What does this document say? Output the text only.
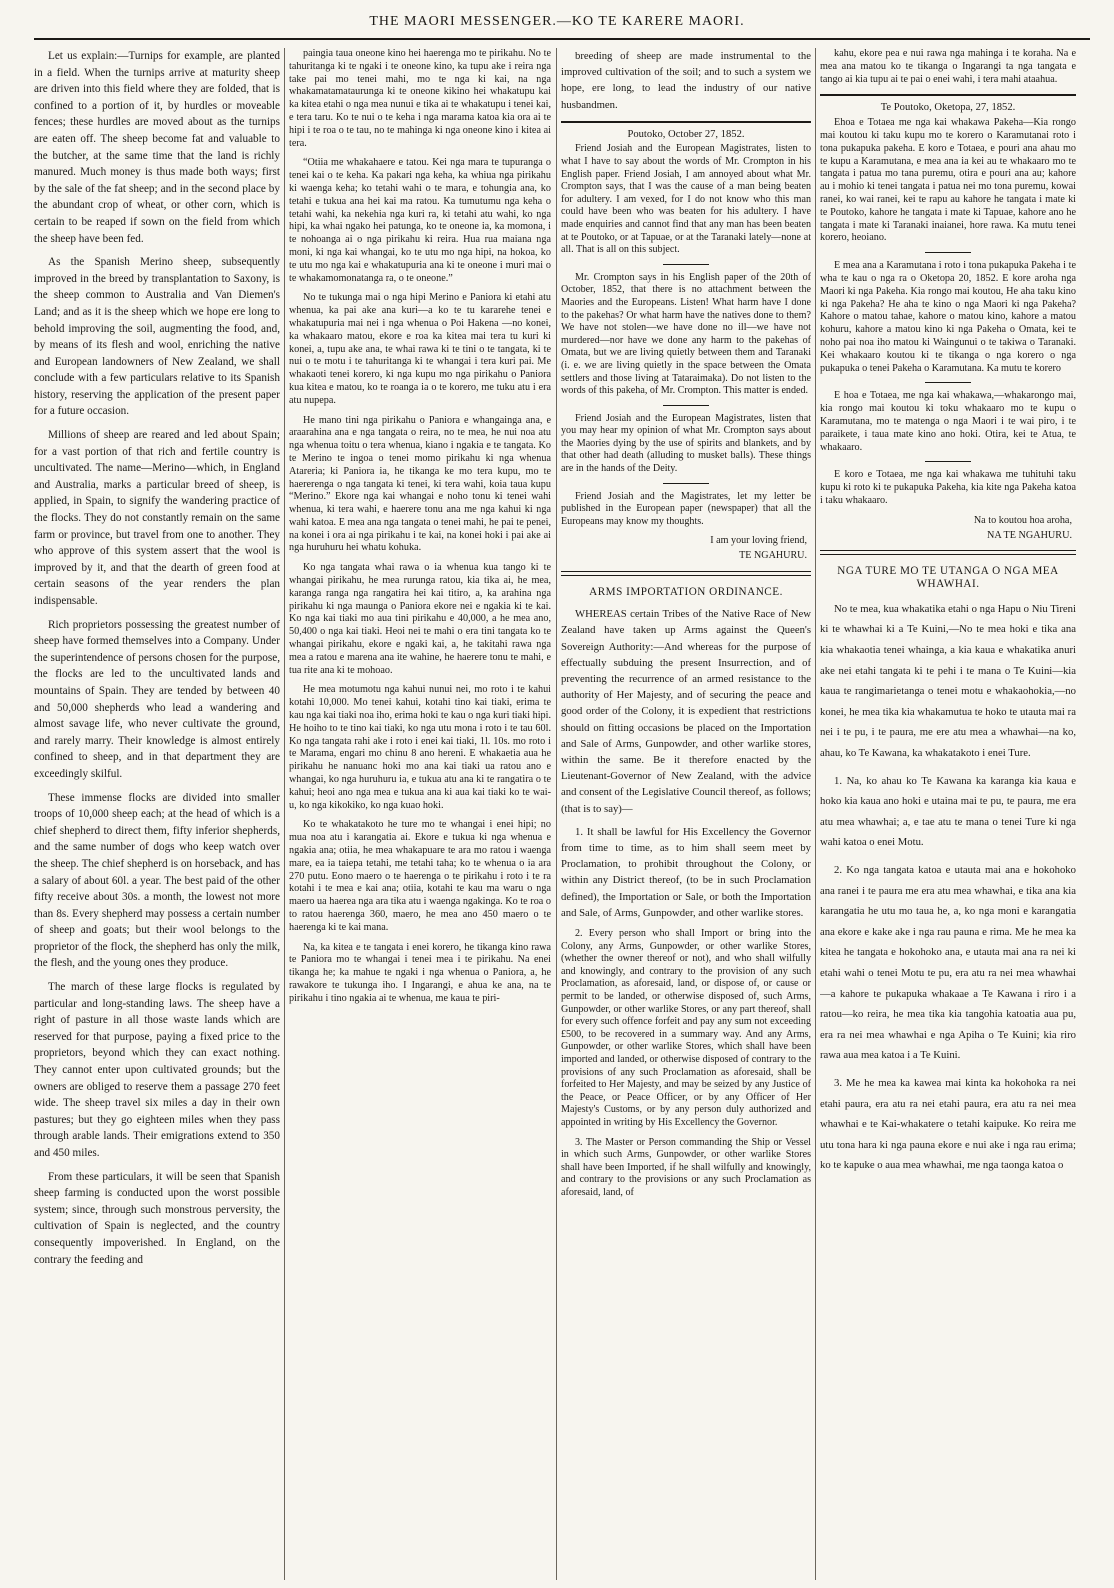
THE MAORI MESSENGER.—KO TE KARERE MAORI.

Let us explain:—Turnips for example, are planted in a field. When the turnips arrive at maturity sheep are driven into this field where they are folded, that is confined to a portion of it, by hurdles or moveable fences; these hurdles are moved about as the turnips are eaten off. The sheep become fat and valuable to the butcher, at the same time that the land is richly manured. Much money is thus made both ways; first by the sale of the fat sheep; and in the second place by the abundant crop of wheat, or other corn, which is certain to be reaped if sown on the field from which the sheep have been fed.

As the Spanish Merino sheep, subsequently improved in the breed by transplantation to Saxony, is the sheep common to Australia and Van Diemen's Land; and as it is the sheep which we hope ere long to behold improving the soil, augmenting the food, and, by means of its flesh and wool, enriching the native and European landowners of New Zealand, we shall conclude with a few particulars relative to its Spanish history, reserving the application of the present paper for a future occasion.

Millions of sheep are reared and led about Spain; for a vast portion of that rich and fertile country is uncultivated. The name—Merino—which, in England and Australia, marks a particular breed of sheep, is applied, in Spain, to signify the wandering practice of the flocks. They do not constantly remain on the same farm or province, but travel from one to another. They who approve of this system assert that the wool is improved by it, and that the dearth of green food at certain seasons of the year renders the plan indispensable.

Rich proprietors possessing the greatest number of sheep have formed themselves into a Company. Under the superintendence of persons chosen for the purpose, the flocks are led to the uncultivated lands and mountains of Spain. They are tended by between 40 and 50,000 shepherds who lead a wandering and almost savage life, who never cultivate the ground, and rarely marry. Their knowledge is almost entirely confined to sheep, and in that department they are exceedingly skilful.

These immense flocks are divided into smaller troops of 10,000 sheep each; at the head of which is a chief shepherd to direct them, fifty inferior shepherds, and the same number of dogs who keep watch over the sheep. The chief shepherd is on horseback, and has a salary of about 60l. a year. The best paid of the other fifty receive about 30s. a month, the lowest not more than 8s. Every shepherd may possess a certain number of sheep and goats; but their wool belongs to the proprietor of the flock, the shepherd has only the milk, the flesh, and the young ones they produce.

The march of these large flocks is regulated by particular and long-standing laws. The sheep have a right of pasture in all those waste lands which are reserved for that purpose, paying a fixed price to the proprietors, beyond which they can exact nothing. They cannot enter upon cultivated grounds; but the owners are obliged to reserve them a passage 270 feet wide. The sheep travel six miles a day in their own pastures; but they go eighteen miles when they pass through arable lands. Their emigrations extend to 350 and 450 miles.

From these particulars, it will be seen that Spanish sheep farming is conducted upon the worst possible system; since, through such monstrous perversity, the cultivation of Spain is neglected, and the country consequently impoverished. In England, on the contrary the feeding and

paingia taua oneone kino hei haerenga mo te pirikahu. No te tahuritanga ki te ngaki i te oneone kino, ka tupu ake i reira nga take pai mo tenei mahi, mo te nga ki kai, na nga whakamatamataurunga ki te oneone kikino hei whakatupu kai ka kitea etahi o nga mea nunui e tika ai te whakatupu i tenei kai, e tera taru. Ko te nui o te keha i nga marama katoa kia ora ai te hipi i te roa o te tau, no te mahinga ki nga oneone kino i kitea ai tera.

“Otiia me whakahaere e tatou. Kei nga mara te tupuranga o tenei kai o te keha. Ka pakari nga keha, ka whiua nga pirikahu ki waenga keha; ko tetahi wahi o te mara, e tohungia ana, ko tetahi e tukua ana hei kai ma ratou. Ka tumutumu nga keha o tetahi wahi, ka nekehia nga kuri ra, ki tetahi atu wahi, ko nga hipi, ka whai ngako hei patunga, ko te oneone ia, ka momona, i te nohoanga ai o nga pirikahu ki reira. Hua rua maiana nga moni, ki nga kai whangai, ko te utu mo nga hipi, na hokoa, ko te utu mo nga kai e whakatupuria ana ki te oneone i muri mai o te whakamomonatanga ra, o te oneone.”

No te tukunga mai o nga hipi Merino e Paniora ki etahi atu whenua, ka pai ake ana kuri—a ko te tu kararehe tenei e whakatupuria mai nei i nga whenua o Poi Hakena —no konei, ka whakaaro matou, ekore e roa ka kitea mai tera tu kuri ki konei, a, tupu ake ana, te whai rawa ki te tini o te tangata, ki te nui o te motu i te tahuritanga ki te whangai i tera kuri pai. Me whakaoti tenei korero, ki nga kupu mo nga pirikahu o Paniora kua kitea e matou, ko te roanga ia o te korero, me tuku atu i era atu nupepa.

He mano tini nga pirikahu o Paniora e whangainga ana, e araarahina ana e nga tangata o reira, no te mea, he nui noa atu nga whenua toitu o tera whenua, kiano i ngakia e te tangata. Ko te Merino te ingoa o tenei momo pirikahu ki nga whenua Atareria; ki Paniora ia, he tikanga ke mo tera kupu, mo te haererenga o nga tangata ki tenei, ki tera wahi, koia taua kupu “Merino.” Ekore nga kai whangai e noho tonu ki tenei wahi whenua, ki tera wahi, e haerere tonu ana me nga kahui ki nga wahi katoa. E mea ana nga tangata o tenei mahi, he pai te penei, na konei i ora ai nga pirikahu i te kai, na konei hoki i pai ake ai nga huruhuru hei whatu kohuka.

Ko nga tangata whai rawa o ia whenua kua tango ki te whangai pirikahu, he mea rurunga ratou, kia tika ai, he mea, karanga ranga nga rangatira hei kai titiro, a, ka arahina nga pirikahu ki nga maunga o Paniora ekore nei e ngakia ki te kai. Ko nga kai tiaki mo aua tini pirikahu e 40,000, a he mea ano, 50,400 o nga kai tiaki. Heoi nei te mahi o era tini tangata ko te whangai pirikahu, ekore e ngaki kai, a, he takitahi rawa nga mea a ratou e marena ana ite wahine, he haerere tonu te mahi, e tua rite ana ki te mohoao.

He mea motumotu nga kahui nunui nei, mo roto i te kahui kotahi 10,000. Mo tenei kahui, kotahi tino kai tiaki, erima te kau nga kai tiaki noa iho, erima hoki te kau o nga kuri tiaki hipi. He hoiho to te tino kai tiaki, ko nga utu mona i roto i te tau 60l. Ko nga tangata rahi ake i roto i enei kai tiaki, 1l. 10s. mo roto i te Marama, engari mo chinu 8 ano hereni. E whakaetia aua he pirikahu he nanuanc hoki mo ana kai tiaki ua ratou ano e whangai, ko nga huruhuru ia, e tukua atu ana ki te rangatira o te kahui; heoi ano nga mea e tukua ana ki aua kai tiaki ko te wai-u, ko nga kikokiko, ko nga kuao hoki.

Ko te whakatakoto he ture mo te whangai i enei hipi; no mua noa atu i karangatia ai. Ekore e tukua ki nga whenua e ngakia ana; otiia, he mea whakapuare te ara mo ratou i waenga mare, ea ia taiepa tetahi, me tetahi taha; ko te whenua o ia ara 270 putu. Eono maero o te haerenga o te pirikahu i roto i te ra kotahi i te mea e kai ana; otiia, kotahi te kau ma waru o nga maero ua haerea nga ara tika atu i waenga ngakinga. Ko te roa o to ratou haerenga 360, maero, he mea ano 450 maero o te haerenga ki te kai mana.

Na, ka kitea e te tangata i enei korero, he tikanga kino rawa te Paniora mo te whangai i tenei mea i te pirikahu. Na enei tikanga he; ka mahue te ngaki i nga whenua o Paniora, a, he rawakore te tukunga iho. I Ingarangi, e ahua ke ana, na te pirikahu i tino ngakia ai te whenua, me kaua te piri-

breeding of sheep are made instrumental to the improved cultivation of the soil; and to such a system we hope, ere long, to lead the industry of our native husbandmen.

Poutoko, October 27, 1852.

Friend Josiah and the European Magistrates, listen to what I have to say about the words of Mr. Crompton in his English paper. Friend Josiah, I am annoyed about what Mr. Crompton says, that I was the cause of a man being beaten for adultery. I am vexed, for I do not know who this man could have been who was beaten for his adultery. I have made enquiries and cannot find that any man has been beaten at te Poutoko, or at Tapuae, or at the Taranaki lately—none at all. That is all on this subject.

Mr. Crompton says in his English paper of the 20th of October, 1852, that there is no attachment between the Maories and the Europeans. Listen! What harm have I done to the pakehas? Or what harm have the natives done to them? We have not stolen—we have done no ill—we have not murdered—nor have we done any harm to the pakehas of Omata, but we are living quietly between them and Taranaki (i. e. we are living quietly in the space between the Omata settlers and those living at Tataraimaka). Do not listen to the words of this pakeha, of Mr. Crompton. This matter is ended.

Friend Josiah and the European Magistrates, listen that you may hear my opinion of what Mr. Crompton says about the Maories dying by the use of spirits and blankets, and by that other had death (alluding to musket balls). These things are in the hands of the Deity.

Friend Josiah and the Magistrates, let my letter be published in the European paper (newspaper) that all the Europeans may know my thoughts.

I am your loving friend,

TE NGAHURU.

ARMS IMPORTATION ORDINANCE.

WHEREAS certain Tribes of the Native Race of New Zealand have taken up Arms against the Queen's Sovereign Authority:—And whereas for the purpose of effectually subduing the present Insurrection, and of preventing the recurrence of an armed resistance to the authority of Her Majesty, and of securing the peace and good order of the Colony, it is expedient that restrictions should on fitting occasions be placed on the Importation and Sale of Arms, Gunpowder, and other warlike stores, within the same. Be it therefore enacted by the Lieutenant-Governor of New Zealand, with the advice and consent of the Legislative Council thereof, as follows; (that is to say)—

1. It shall be lawful for His Excellency the Governor from time to time, as to him shall seem meet by Proclamation, to prohibit throughout the Colony, or within any District thereof, (to be in such Proclamation defined), the Importation or Sale, or both the Importation and Sale, of Arms, Gunpowder, and other warlike stores.

2. Every person who shall Import or bring into the Colony, any Arms, Gunpowder, or other warlike Stores, (whether the owner thereof or not), and who shall wilfully and knowingly, and contrary to the provision of any such Proclamation, as aforesaid, land, or dispose of, or cause or permit to be landed, or otherwise disposed of, such Arms, Gunpowder, or other warlike Stores, or any part thereof, shall for every such offence forfeit and pay any sum not exceeding £500, to be recovered in a summary way. And any Arms, Gunpowder, or other warlike Stores, which shall have been imported and landed, or otherwise disposed of contrary to the provisions of any such Proclamation as aforesaid, shall be forfeited to Her Majesty, and may be seized by any Justice of the Peace, or Peace Officer, or by any Officer of Her Majesty's Customs, or by any person duly authorized and appointed in writing by His Excellency the Governor.

3. The Master or Person commanding the Ship or Vessel in which such Arms, Gunpowder, or other warlike Stores shall have been Imported, if he shall wilfully and knowingly, and contrary to the provisions or any such Proclamation as aforesaid, land, of

kahu, ekore pea e nui rawa nga mahinga i te koraha. Na e mea ana matou ko te tikanga o Ingarangi ta nga tangata e tango ai kia tupu ai te pai o enei wahi, i tera mahi ataahua.

Te Poutoko, Oketopa, 27, 1852.

Ehoa e Totaea me nga kai whakawa Pakeha—Kia rongo mai koutou ki taku kupu mo te korero o Karamutanai roto i tona pukapuka pakeha. E koro e Totaea, e pouri ana ahau mo te kupu a Karamutana, e mea ana ia kei au te whakaaro mo te tangata i patua mo tana puremu, otira e pouri ana au; kahore au i mohio ki tenei tangata i patua nei mo tona puremu, kowai ranei, ko wai ranei, kei te rapu au kahore he tangata i mate ki te Poutoko, kahore he tangata i mate ki Tapuae, kahore ano he tangata i mate ki Taranaki inaianei, hore rawa. Ka mutu tenei korero, heoiano.

E mea ana a Karamutana i roto i tona pukapuka Pakeha i te wha te kau o nga ra o Oketopa 20, 1852. E kore aroha nga Maori ki nga Pakeha. Kia rongo mai koutou, He aha taku kino ki nga Pakeha? He aha te kino o nga Maori ki nga Pakeha? Kahore o matou tahae, kahore o matou kino, kahore a matou kohuru, kahore a matou kino ki nga Pakeha o Omata, kei te noho pai noa iho matou ki Waingunui o te takiwa o Taranaki. Kei whakaaro koutou ki te tikanga o nga korero o nga pukapuka o tenei Pakeha o Karamutana. Ka mutu te korero

E hoa e Totaea, me nga kai whakawa,—whakarongo mai, kia rongo mai koutou ki toku whakaaro mo te kupu o Karamutana, mo te matenga o nga Maori i te wai piro, i te paraikete, i taua mate kino ano hoki. Otira, kei te Atua, te whakaaro.

E koro e Totaea, me nga kai whakawa me tuhituhi taku kupu ki roto ki te pukapuka Pakeha, kia kite nga Pakeha katoa i taku whakaaro.

Na to koutou hoa aroha,

NA TE NGAHURU.

NGA TURE MO TE UTANGA O NGA MEA WHAWHAI.

No te mea, kua whakatika etahi o nga Hapu o Niu Tireni ki te whawhai ki a Te Kuini,—No te mea hoki e tika ana kia whakaotia tenei whainga, a kia kaua e whakatika anuri ake nei etahi tangata ki te pehi i te mana o Te Kuini—kia kaua te rangimarietanga o tenei motu e whakaohokia,—no konei, he mea tika kia whakamutua te hoko te utauta mai ra nei i te pu, i te paura, me ere atu mea a whawhai—na ko, ahau, ko Te Kawana, ka whakatakoto i enei Ture.

1. Na, ko ahau ko Te Kawana ka karanga kia kaua e hoko kia kaua ano hoki e utaina mai te pu, te paura, me era atu mea whawhai; a, e tae atu te mana o tenei Ture ki nga wahi katoa o enei Motu.

2. Ko nga tangata katoa e utauta mai ana e hokohoko ana ranei i te paura me era atu mea whawhai, e tika ana kia karangatia he utu mo taua he, a, ko nga moni e karangatia ana ekore e kake ake i nga rau pauna e rima. Me he mea ka kitea he tangata e hokohoko ana, e utauta mai ana ra nei ki etahi wahi o tenei Motu te pu, era atu ra nei mea whawhai—a kahore te pukapuka whakaae a Te Kawana i riro i a ratou—ko reira, he mea tika kia tangohia katoatia aua pu, era ra nei mea whawhai e nga Apiha o Te Kuini; kia riro rawa aua mea katoa i a Te Kuini.

3. Me he mea ka kawea mai kinta ka hokohoka ra nei etahi paura, era atu ra nei etahi paura, era atu ra nei mea whawhai e te Kai-whakatere o tetahi kaipuke. Ko reira me utu tona hara ki nga pauna ekore e nui ake i nga rau erima; ko te kapuke o aua mea whawhai, me nga taonga katoa o
